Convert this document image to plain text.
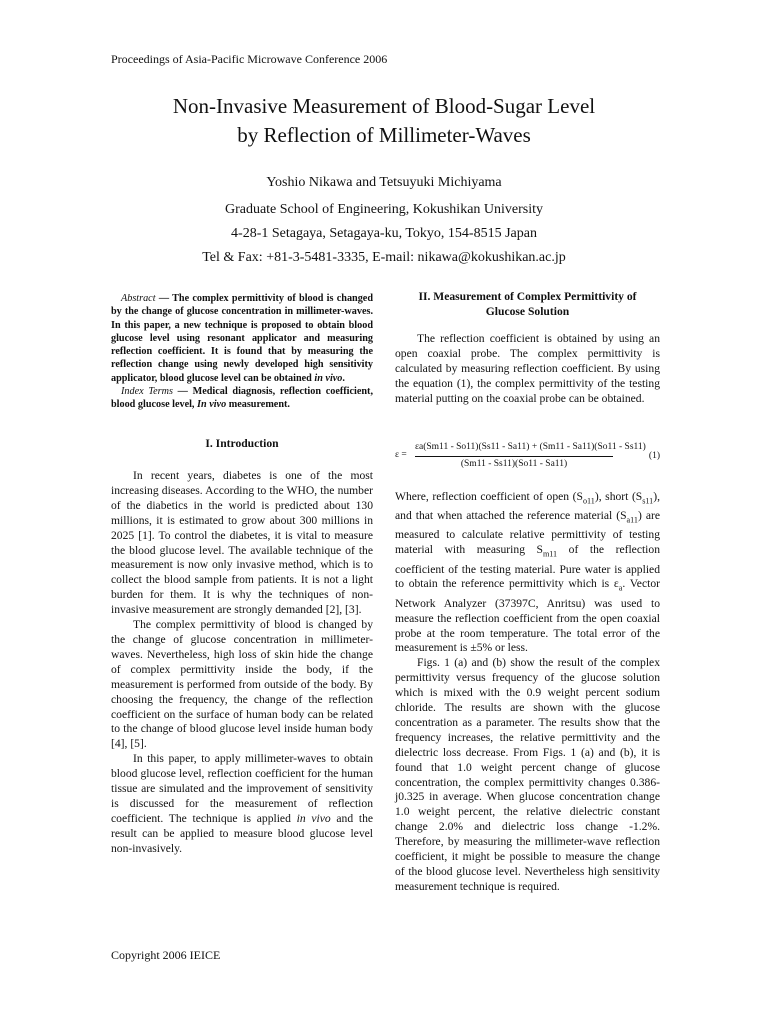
Proceedings of Asia-Pacific Microwave Conference 2006
Non-Invasive Measurement of Blood-Sugar Level
by Reflection of Millimeter-Waves
Yoshio Nikawa and Tetsuyuki Michiyama
Graduate School of Engineering, Kokushikan University
4-28-1 Setagaya, Setagaya-ku, Tokyo, 154-8515 Japan
Tel & Fax: +81-3-5481-3335, E-mail: nikawa@kokushikan.ac.jp

Abstract — The complex permittivity of blood is changed by the change of glucose concentration in millimeter-waves. In this paper, a new technique is proposed to obtain blood glucose level using resonant applicator and measuring reflection coefficient. It is found that by measuring the reflection change using newly developed high sensitivity applicator, blood glucose level can be obtained in vivo.

Index Terms — Medical diagnosis, reflection coefficient, blood glucose level, In vivo measurement.

I. Introduction

In recent years, diabetes is one of the most increasing diseases. According to the WHO, the number of the diabetics in the world is predicted about 130 millions, it is estimated to grow about 300 millions in 2025 [1]. To control the diabetes, it is vital to measure the blood glucose level. The available technique of the measurement is now only invasive method, which is to collect the blood sample from patients. It is not a light burden for them. It is why the techniques of non-invasive measurement are strongly demanded [2], [3].

The complex permittivity of blood is changed by the change of glucose concentration in millimeter-waves. Nevertheless, high loss of skin hide the change of complex permittivity inside the body, if the measurement is performed from outside of the body. By choosing the frequency, the change of the reflection coefficient on the surface of human body can be related to the change of blood glucose level inside human body [4], [5].

In this paper, to apply millimeter-waves to obtain blood glucose level, reflection coefficient for the human tissue are simulated and the improvement of sensitivity is discussed for the measurement of reflection coefficient. The technique is applied in vivo and the result can be applied to measure blood glucose level non-invasively.

II. Measurement of Complex Permittivity of
Glucose Solution

The reflection coefficient is obtained by using an open coaxial probe. The complex permittivity is calculated by measuring reflection coefficient. By using the equation (1), the complex permittivity of the testing material putting on the coaxial probe can be obtained.

ε =
εa(Sm11 - So11)(Ss11 - Sa11) + (Sm11 - Sa11)(So11 - Ss11)
(Sm11 - Ss11)(So11 - Sa11)
(1)

Where, reflection coefficient of open $(S_{o11})$, short $(S_{s11})$, and that when attached the reference material $(S_{a11})$ are measured to calculate relative permittivity of testing material with measuring $S_{m11}$ of the reflection coefficient of the testing material. Pure water is applied to obtain the reference permittivity which is $\varepsilon_a$. Vector Network Analyzer (37397C, Anritsu) was used to measure the reflection coefficient from the open coaxial probe at the room temperature. The total error of the measurement is ±5% or less.

Figs. 1 (a) and (b) show the result of the complex permittivity versus frequency of the glucose solution which is mixed with the 0.9 weight percent sodium chloride. The results are shown with the glucose concentration as a parameter. The results show that the frequency increases, the relative permittivity and the dielectric loss decrease. From Figs. 1 (a) and (b), it is found that 1.0 weight percent change of glucose concentration, the complex permittivity changes 0.386-j0.325 in average. When glucose concentration change 1.0 weight percent, the relative dielectric constant change 2.0% and dielectric loss change -1.2%. Therefore, by measuring the millimeter-wave reflection coefficient, it might be possible to measure the change of the blood glucose level. Nevertheless high sensitivity measurement technique is required.

Copyright 2006 IEICE
